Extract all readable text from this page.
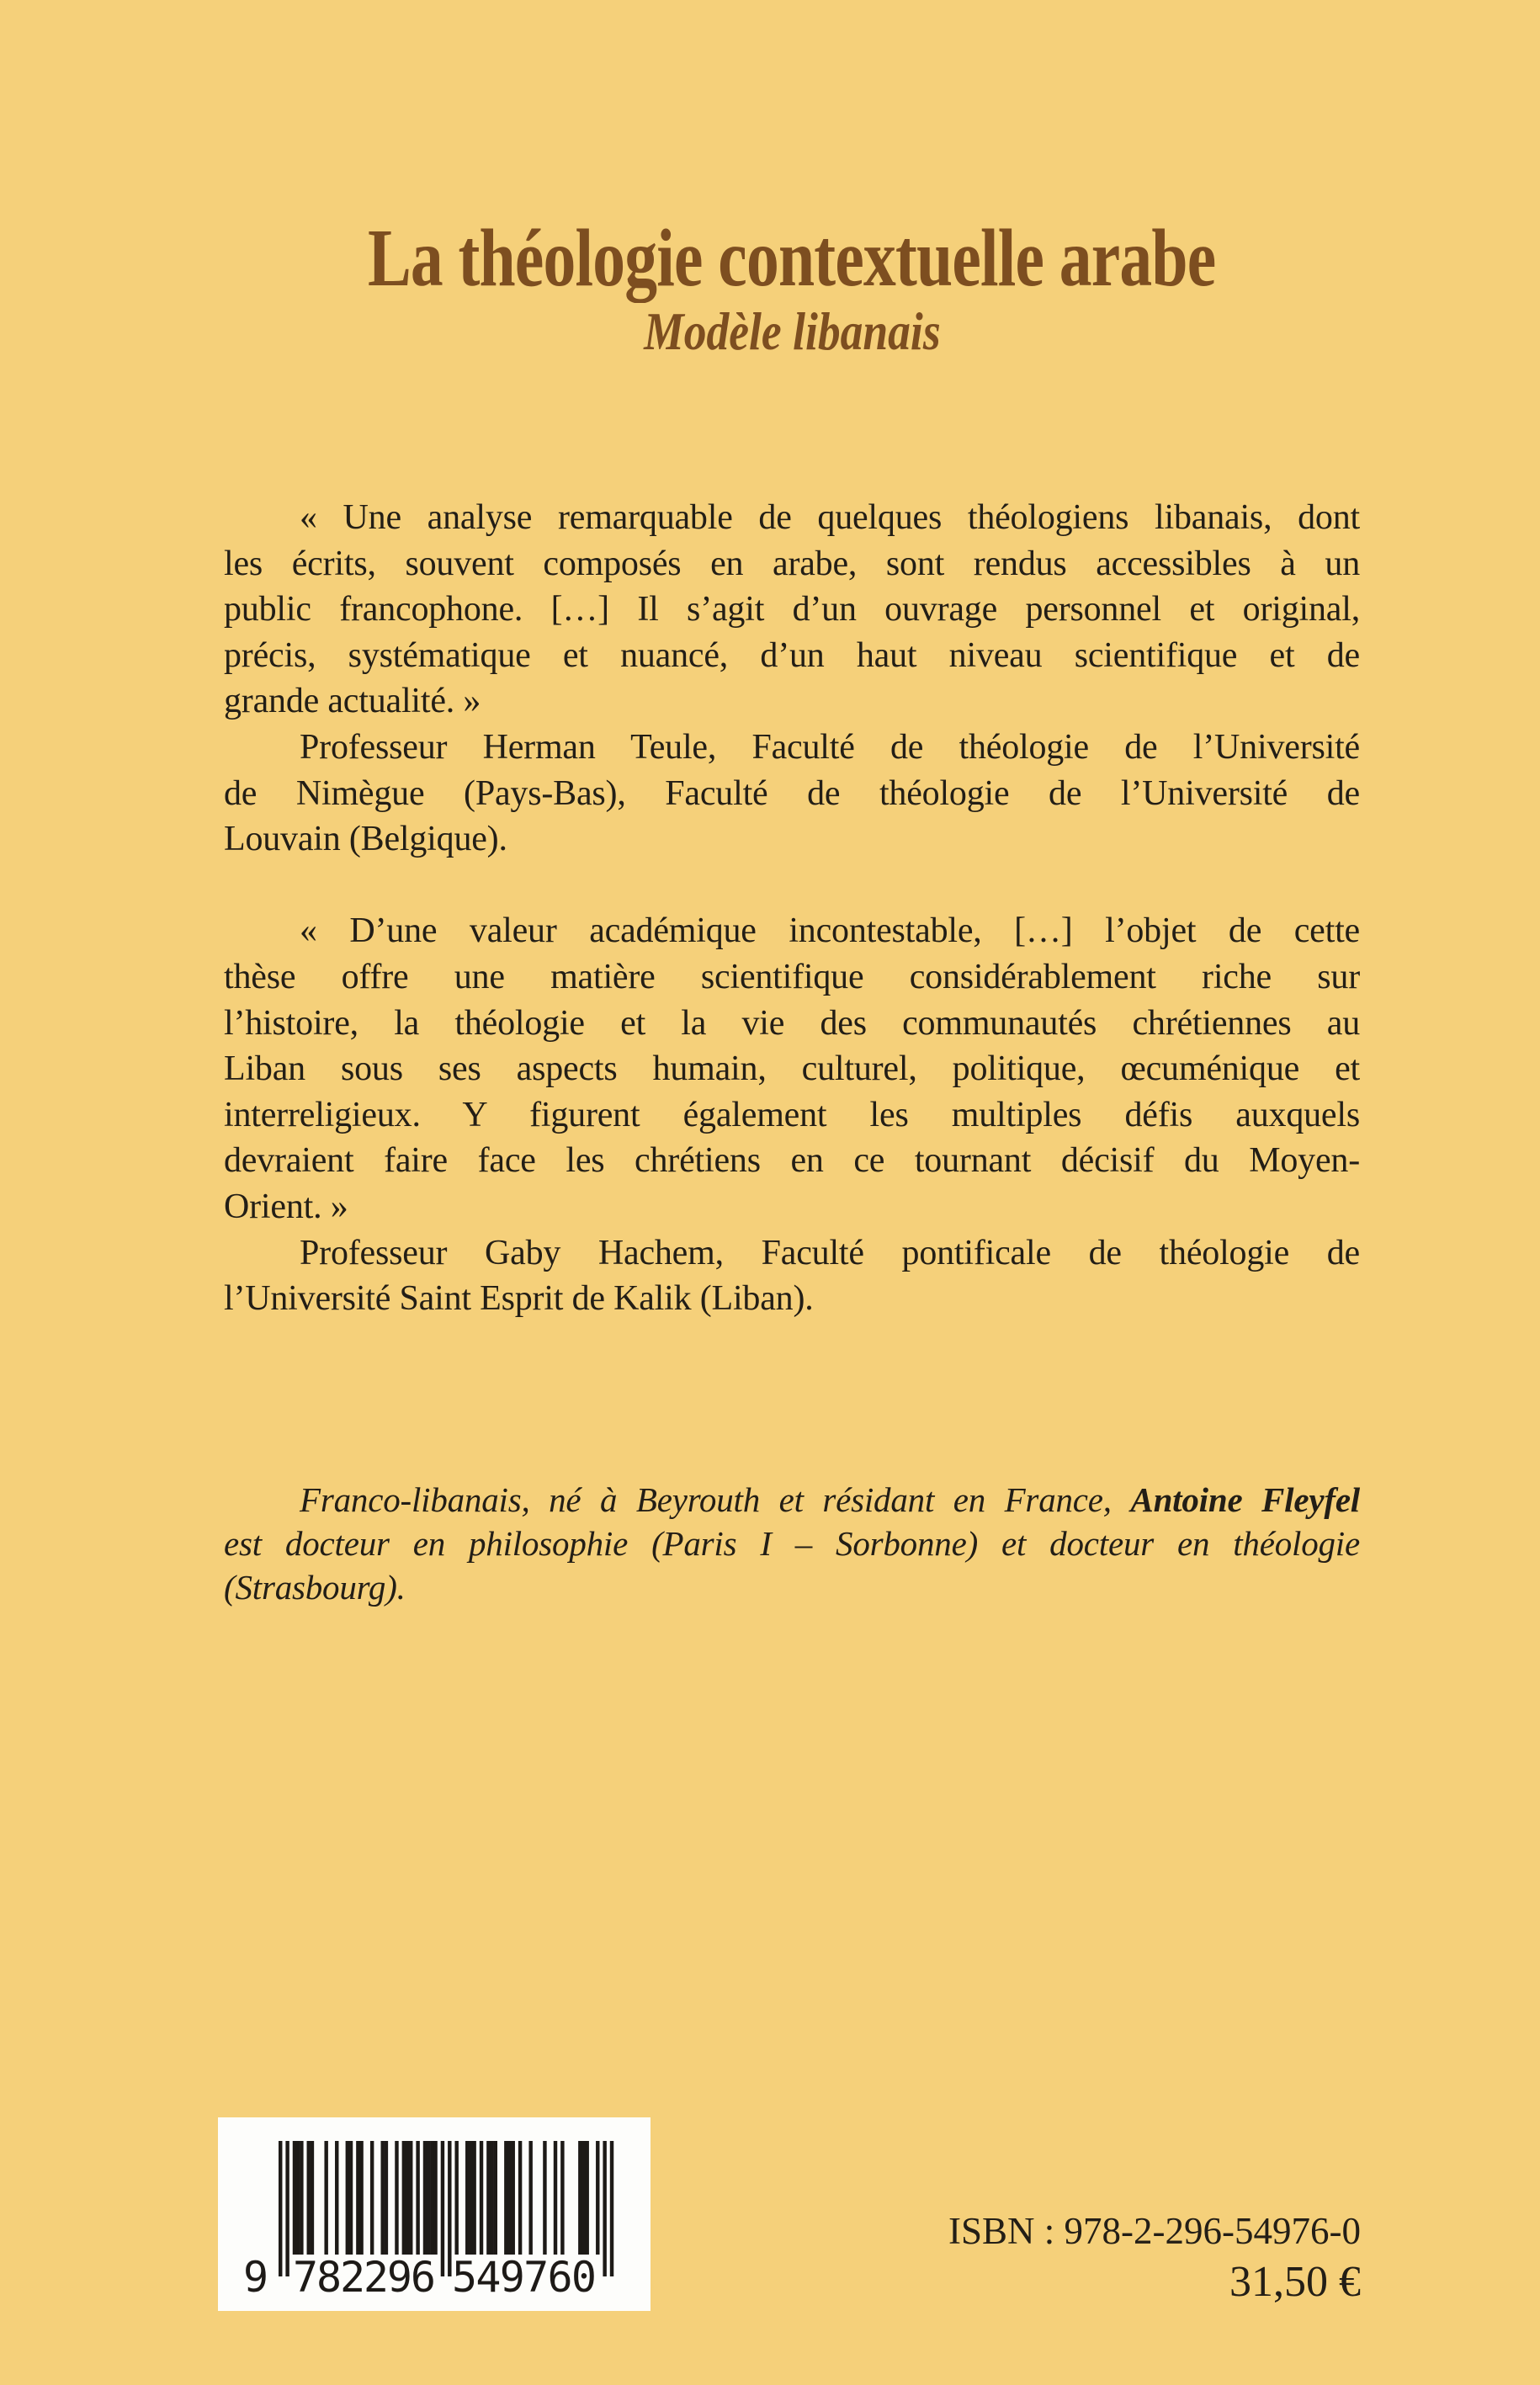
La théologie contextuelle arabe
Modèle libanais
« Une analyse remarquable de quelques théologiens libanais, dont
les écrits, souvent composés en arabe, sont rendus accessibles à un
public francophone. […] Il s’agit d’un ouvrage personnel et original,
précis, systématique et nuancé, d’un haut niveau scientifique et de
grande actualité. »
Professeur Herman Teule, Faculté de théologie de l’Université
de Nimègue (Pays-Bas), Faculté de théologie de l’Université de
Louvain (Belgique).
« D’une valeur académique incontestable, […] l’objet de cette
thèse offre une matière scientifique considérablement riche sur
l’histoire, la théologie et la vie des communautés chrétiennes au
Liban sous ses aspects humain, culturel, politique, œcuménique et
interreligieux. Y figurent également les multiples défis auxquels
devraient faire face les chrétiens en ce tournant décisif du Moyen-
Orient. »
Professeur Gaby Hachem, Faculté pontificale de théologie de
l’Université Saint Esprit de Kalik (Liban).
Franco-libanais, né à Beyrouth et résidant en France, Antoine Fleyfel
est docteur en philosophie (Paris I – Sorbonne) et docteur en théologie
(Strasbourg).
9 782296 549760
ISBN : 978-2-296-54976-0
31,50 €
